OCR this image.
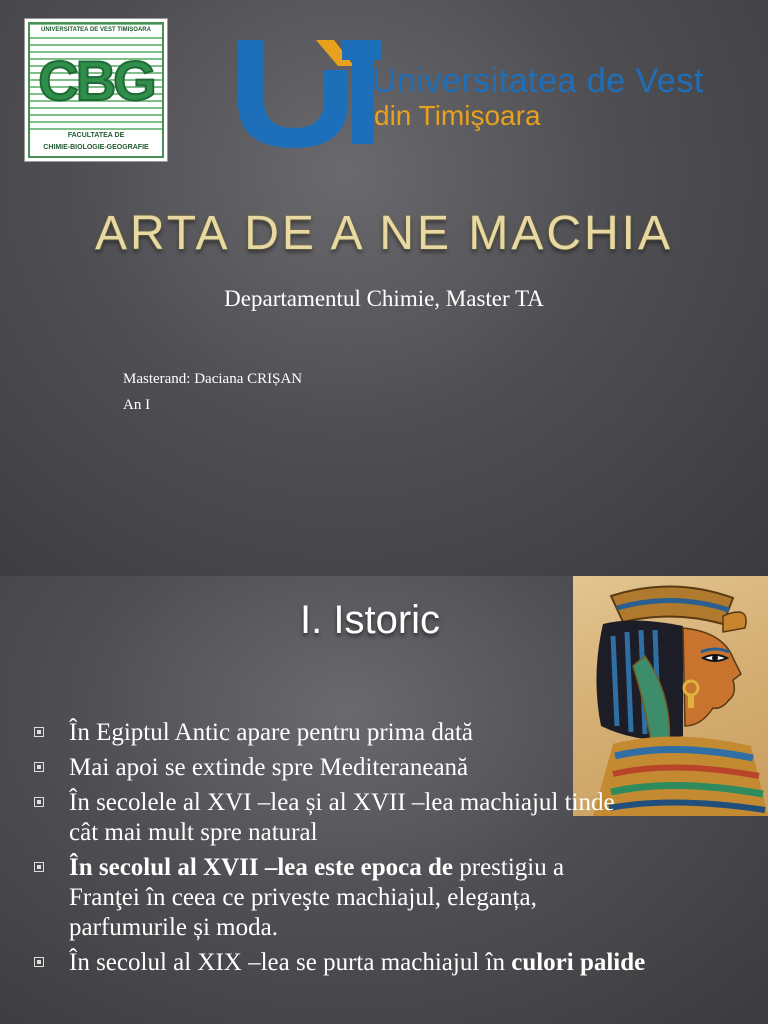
UNIVERSITATEA DE VEST TIMIȘOARA
CBG
FACULTATEA DE
CHIMIE-BIOLOGIE-GEOGRAFIE
Universitatea de Vest
din Timişoara
ARTA DE A NE MACHIA
Departamentul Chimie, Master TA
Masterand: Daciana CRIȘAN
An I
I. Istoric
În Egiptul Antic apare pentru prima dată
Mai apoi se extinde spre Mediteraneană
În secolele al XVI –lea și al XVII –lea machiajul tinde cât mai mult spre natural
În secolul al XVII –lea este epoca de prestigiu a Franţei în ceea ce priveşte machiajul, eleganța, parfumurile și moda.
În secolul al XIX –lea se purta machiajul în culori palide
